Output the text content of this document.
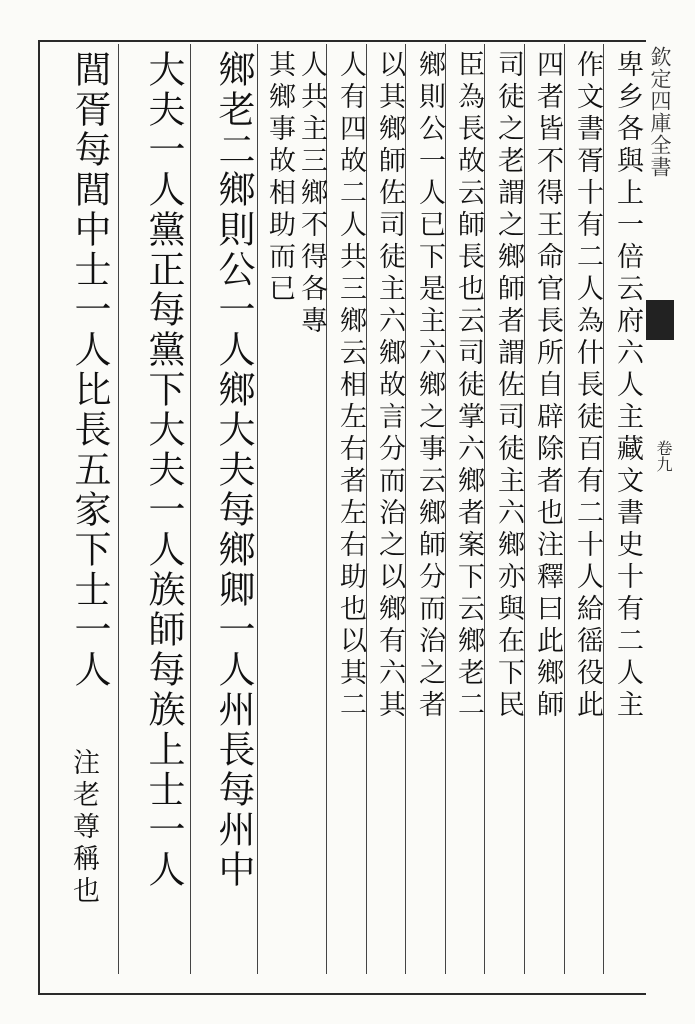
欽定四庫全書
卷九
卑乡各與上一倍云府六人主藏文書史十有二人主
作文書胥十有二人為什長徒百有二十人給徭役此
四者皆不得王命官長所自辟除者也注釋曰此鄉師
司徒之老謂之鄉師者謂佐司徒主六鄉亦與在下民
臣為長故云師長也云司徒掌六鄉者案下云鄉老二
鄉則公一人已下是主六鄉之事云鄉師分而治之者
以其鄉師佐司徒主六鄉故言分而治之以鄉有六其
人有四故二人共三鄉云相左右者左右助也以其二
人共主三鄉不得各專
其鄉事故相助而已
鄉老二鄉則公一人鄉大夫每鄉卿一人州長每州中
大夫一人黨正每黨下大夫一人族師每族上士一人
閭胥每閭中士一人比長五家下士一人
注老尊稱也
